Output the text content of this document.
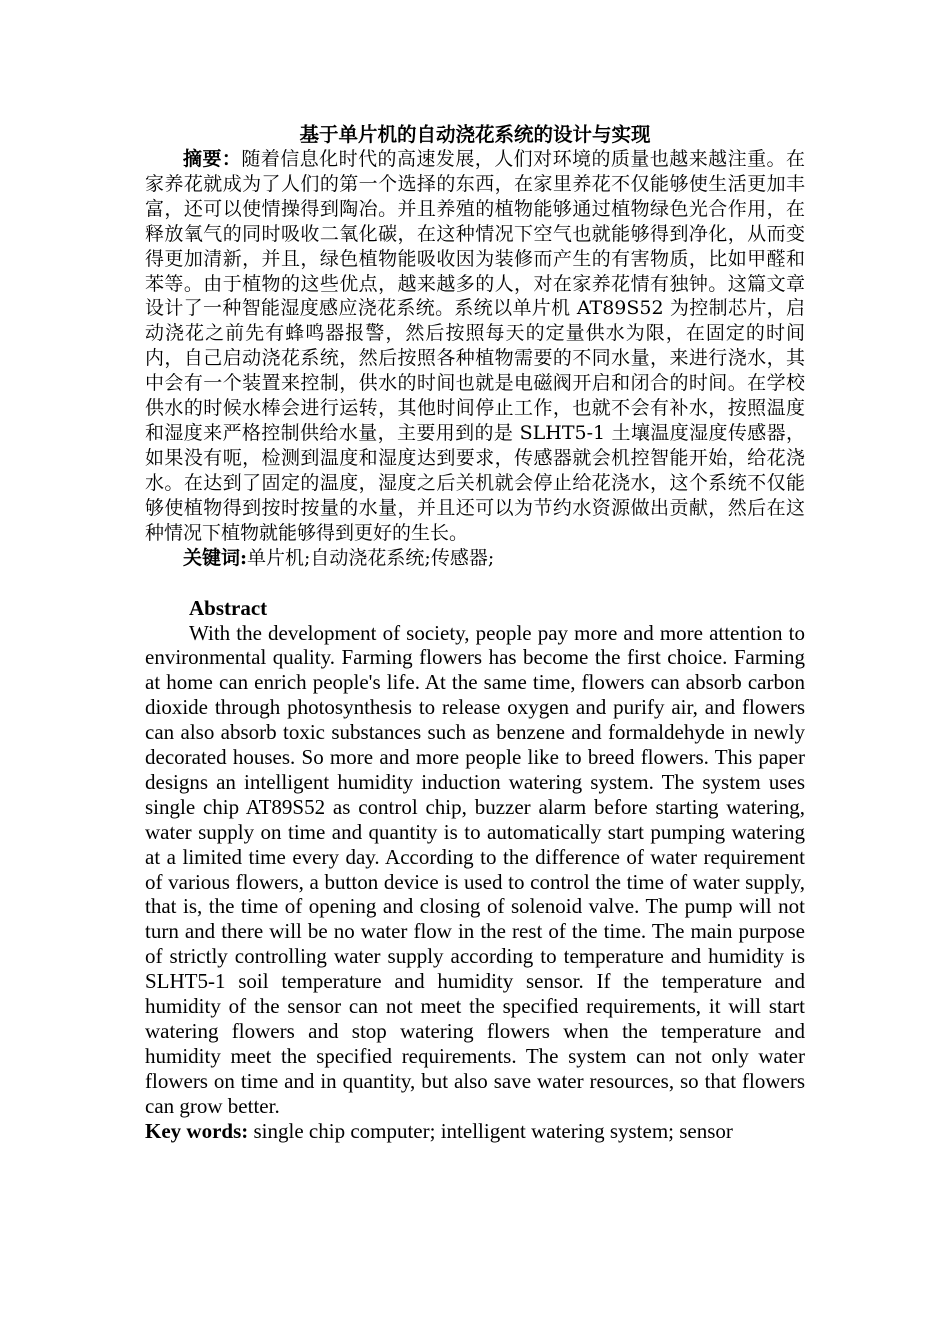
基于单片机的自动浇花系统的设计与实现

摘要：随着信息化时代的高速发展，人们对环境的质量也越来越注重。在家养花就成为了人们的第一个选择的东西，在家里养花不仅能够使生活更加丰富，还可以使情操得到陶冶。并且养殖的植物能够通过植物绿色光合作用，在释放氧气的同时吸收二氧化碳，在这种情况下空气也就能够得到净化，从而变得更加清新，并且，绿色植物能吸收因为装修而产生的有害物质，比如甲醛和苯等。由于植物的这些优点，越来越多的人，对在家养花情有独钟。这篇文章设计了一种智能湿度感应浇花系统。系统以单片机 AT89S52 为控制芯片，启动浇花之前先有蜂鸣器报警，然后按照每天的定量供水为限，在固定的时间内，自己启动浇花系统，然后按照各种植物需要的不同水量，来进行浇水，其中会有一个装置来控制，供水的时间也就是电磁阀开启和闭合的时间。在学校供水的时候水棒会进行运转，其他时间停止工作，也就不会有补水，按照温度和湿度来严格控制供给水量，主要用到的是 SLHT5-1 土壤温度湿度传感器，如果没有呃，检测到温度和湿度达到要求，传感器就会机控智能开始，给花浇水。在达到了固定的温度，湿度之后关机就会停止给花浇水，这个系统不仅能够使植物得到按时按量的水量，并且还可以为节约水资源做出贡献，然后在这种情况下植物就能够得到更好的生长。

关键词:单片机;自动浇花系统;传感器;

Abstract

With the development of society, people pay more and more attention to environmental quality. Farming flowers has become the first choice. Farming at home can enrich people's life. At the same time, flowers can absorb carbon dioxide through photosynthesis to release oxygen and purify air, and flowers can also absorb toxic substances such as benzene and formaldehyde in newly decorated houses. So more and more people like to breed flowers. This paper designs an intelligent humidity induction watering system. The system uses single chip AT89S52 as control chip, buzzer alarm before starting watering, water supply on time and quantity is to automatically start pumping watering at a limited time every day. According to the difference of water requirement of various flowers, a button device is used to control the time of water supply, that is, the time of opening and closing of solenoid valve. The pump will not turn and there will be no water flow in the rest of the time. The main purpose of strictly controlling water supply according to temperature and humidity is SLHT5-1 soil temperature and humidity sensor. If the temperature and humidity of the sensor can not meet the specified requirements, it will start watering flowers and stop watering flowers when the temperature and humidity meet the specified requirements. The system can not only water flowers on time and in quantity, but also save water resources, so that flowers can grow better.

Key words: single chip computer; intelligent watering system; sensor
